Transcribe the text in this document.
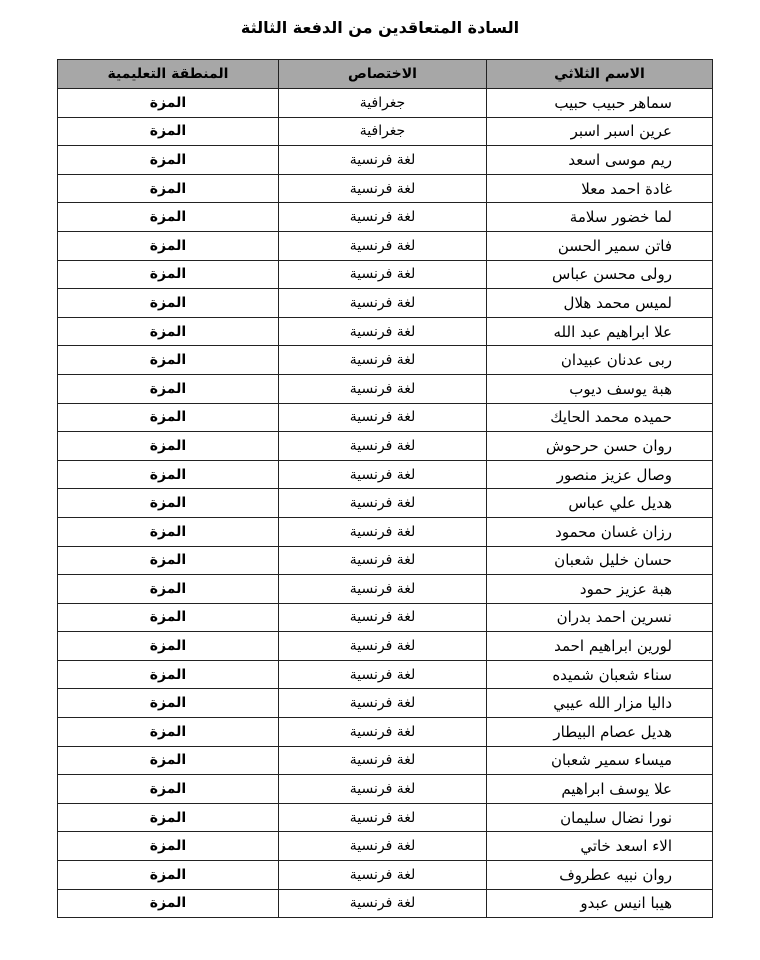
السادة المتعاقدين من الدفعة الثالثة
الاسم الثلاثي	الاختصاص	المنطقة التعليمية
سماهر حبيب حبيب	جغرافية	المزة
عرين اسبر اسبر	جغرافية	المزة
ريم موسى اسعد	لغة فرنسية	المزة
غادة احمد معلا	لغة فرنسية	المزة
لما خضور سلامة	لغة فرنسية	المزة
فاتن سمير الحسن	لغة فرنسية	المزة
رولى محسن عباس	لغة فرنسية	المزة
لميس محمد هلال	لغة فرنسية	المزة
علا ابراهيم عبد الله	لغة فرنسية	المزة
ربى عدنان عبيدان	لغة فرنسية	المزة
هبة يوسف ديوب	لغة فرنسية	المزة
حميده محمد الحايك	لغة فرنسية	المزة
روان حسن حرحوش	لغة فرنسية	المزة
وصال عزيز منصور	لغة فرنسية	المزة
هديل علي عباس	لغة فرنسية	المزة
رزان غسان محمود	لغة فرنسية	المزة
حسان خليل شعبان	لغة فرنسية	المزة
هبة عزيز حمود	لغة فرنسية	المزة
نسرين احمد بدران	لغة فرنسية	المزة
لورين ابراهيم احمد	لغة فرنسية	المزة
سناء شعبان شميده	لغة فرنسية	المزة
داليا مزار الله عيبي	لغة فرنسية	المزة
هديل عصام البيطار	لغة فرنسية	المزة
ميساء سمير شعبان	لغة فرنسية	المزة
علا يوسف ابراهيم	لغة فرنسية	المزة
نورا نضال سليمان	لغة فرنسية	المزة
الاء اسعد خاتي	لغة فرنسية	المزة
روان نبيه عطروف	لغة فرنسية	المزة
هيبا انيس عبدو	لغة فرنسية	المزة
